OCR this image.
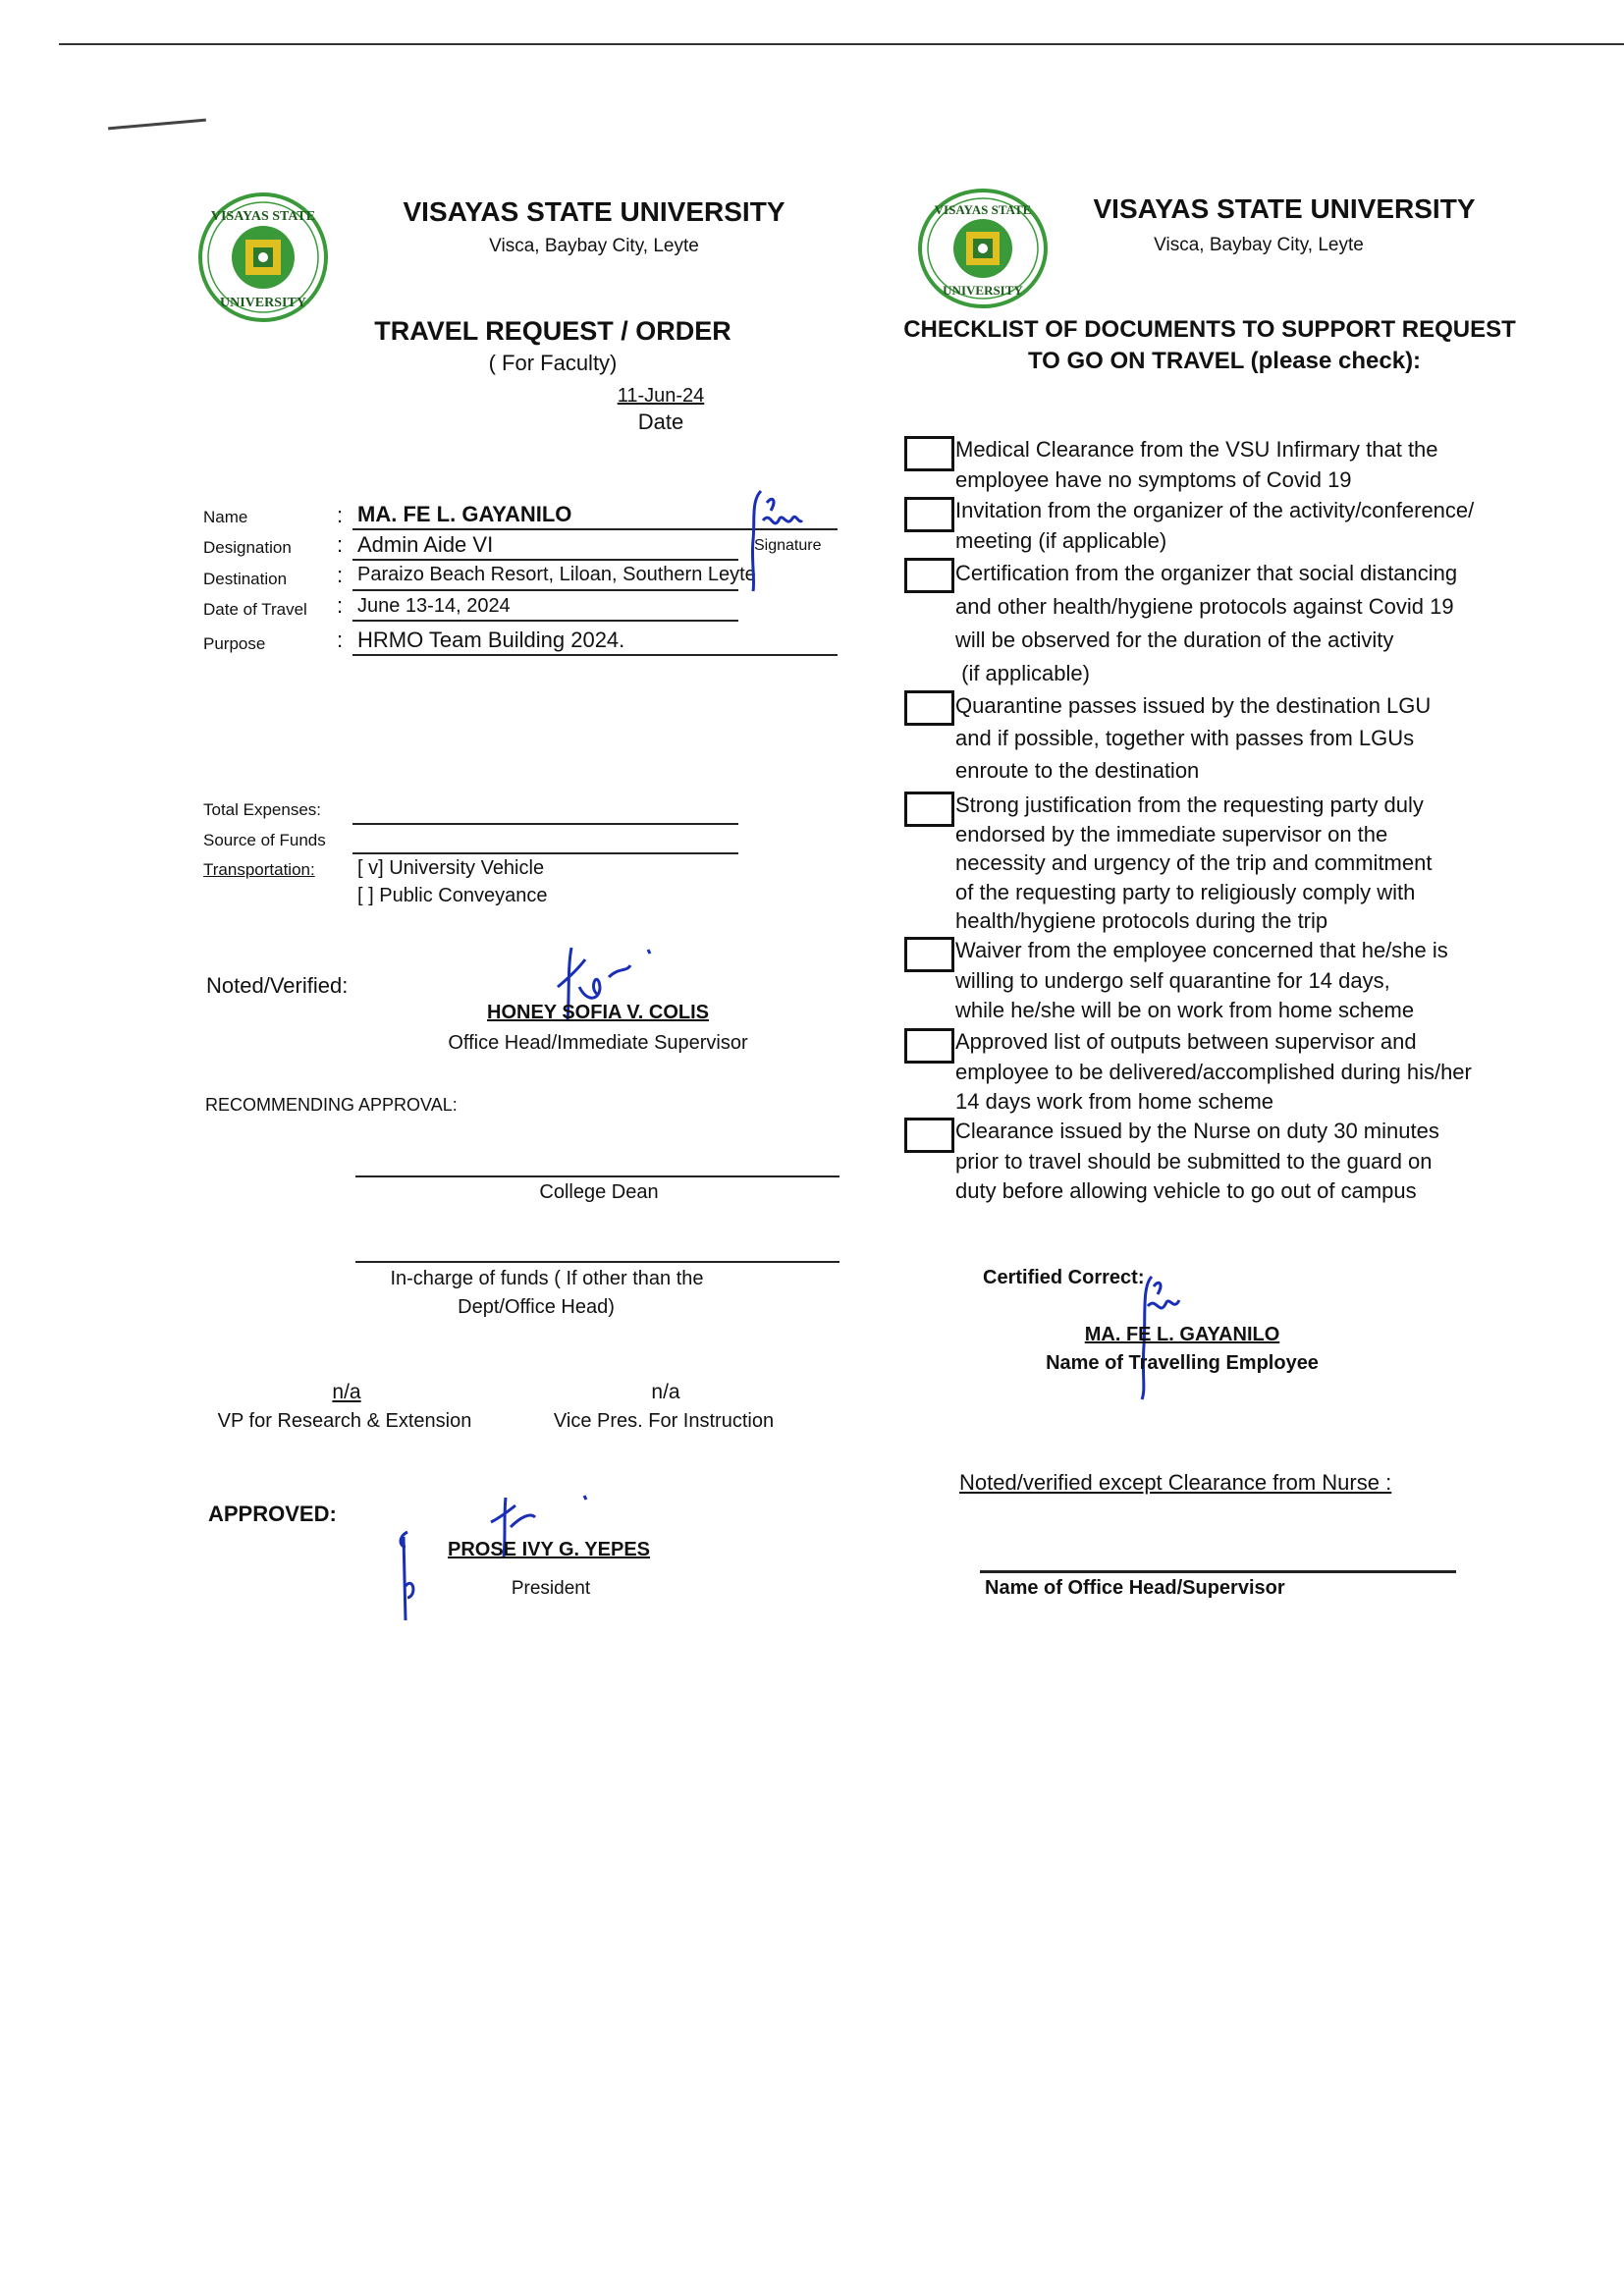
VISAYAS STATE
UNIVERSITY
VISAYAS STATE UNIVERSITY
Visca, Baybay City, Leyte
TRAVEL REQUEST / ORDER
( For Faculty)
11-Jun-24
Date
Name	: MA. FE L. GAYANILO
Designation : Admin Aide VI	Signature
Destination : Paraizo Beach Resort, Liloan, Southern Leyte
Date of Travel : June 13-14, 2024
Purpose	: HRMO Team Building 2024.
Total Expenses:
Source of Funds
Transportation: [ v] University Vehicle
[ ] Public Conveyance
Noted/Verified:
HONEY SOFIA V. COLIS
Office Head/Immediate Supervisor
RECOMMENDING APPROVAL:
College Dean
In-charge of funds ( If other than the
Dept/Office Head)
n/a
VP for Research & Extension
n/a
Vice Pres. For Instruction
APPROVED:
PROSE IVY G. YEPES
President
VISAYAS STATE
UNIVERSITY
VISAYAS STATE UNIVERSITY
Visca, Baybay City, Leyte
CHECKLIST OF DOCUMENTS TO SUPPORT REQUEST
TO GO ON TRAVEL (please check):
Medical Clearance from the VSU Infirmary that the
employee have no symptoms of Covid 19
Invitation from the organizer of the activity/conference/
meeting (if applicable)
Certification from the organizer that social distancing
and other health/hygiene protocols against Covid 19
will be observed for the duration of the activity
(if applicable)
Quarantine passes issued by the destination LGU
and if possible, together with passes from LGUs
enroute to the destination
Strong justification from the requesting party duly
endorsed by the immediate supervisor on the
necessity and urgency of the trip and commitment
of the requesting party to religiously comply with
health/hygiene protocols during the trip
Waiver from the employee concerned that he/she is
willing to undergo self quarantine for 14 days,
while he/she will be on work from home scheme
Approved list of outputs between supervisor and
employee to be delivered/accomplished during his/her
14 days work from home scheme
Clearance issued by the Nurse on duty 30 minutes
prior to travel should be submitted to the guard on
duty before allowing vehicle to go out of campus
Certified Correct:
MA. FE L. GAYANILO
Name of Travelling Employee
Noted/verified except Clearance from Nurse :
Name of Office Head/Supervisor
